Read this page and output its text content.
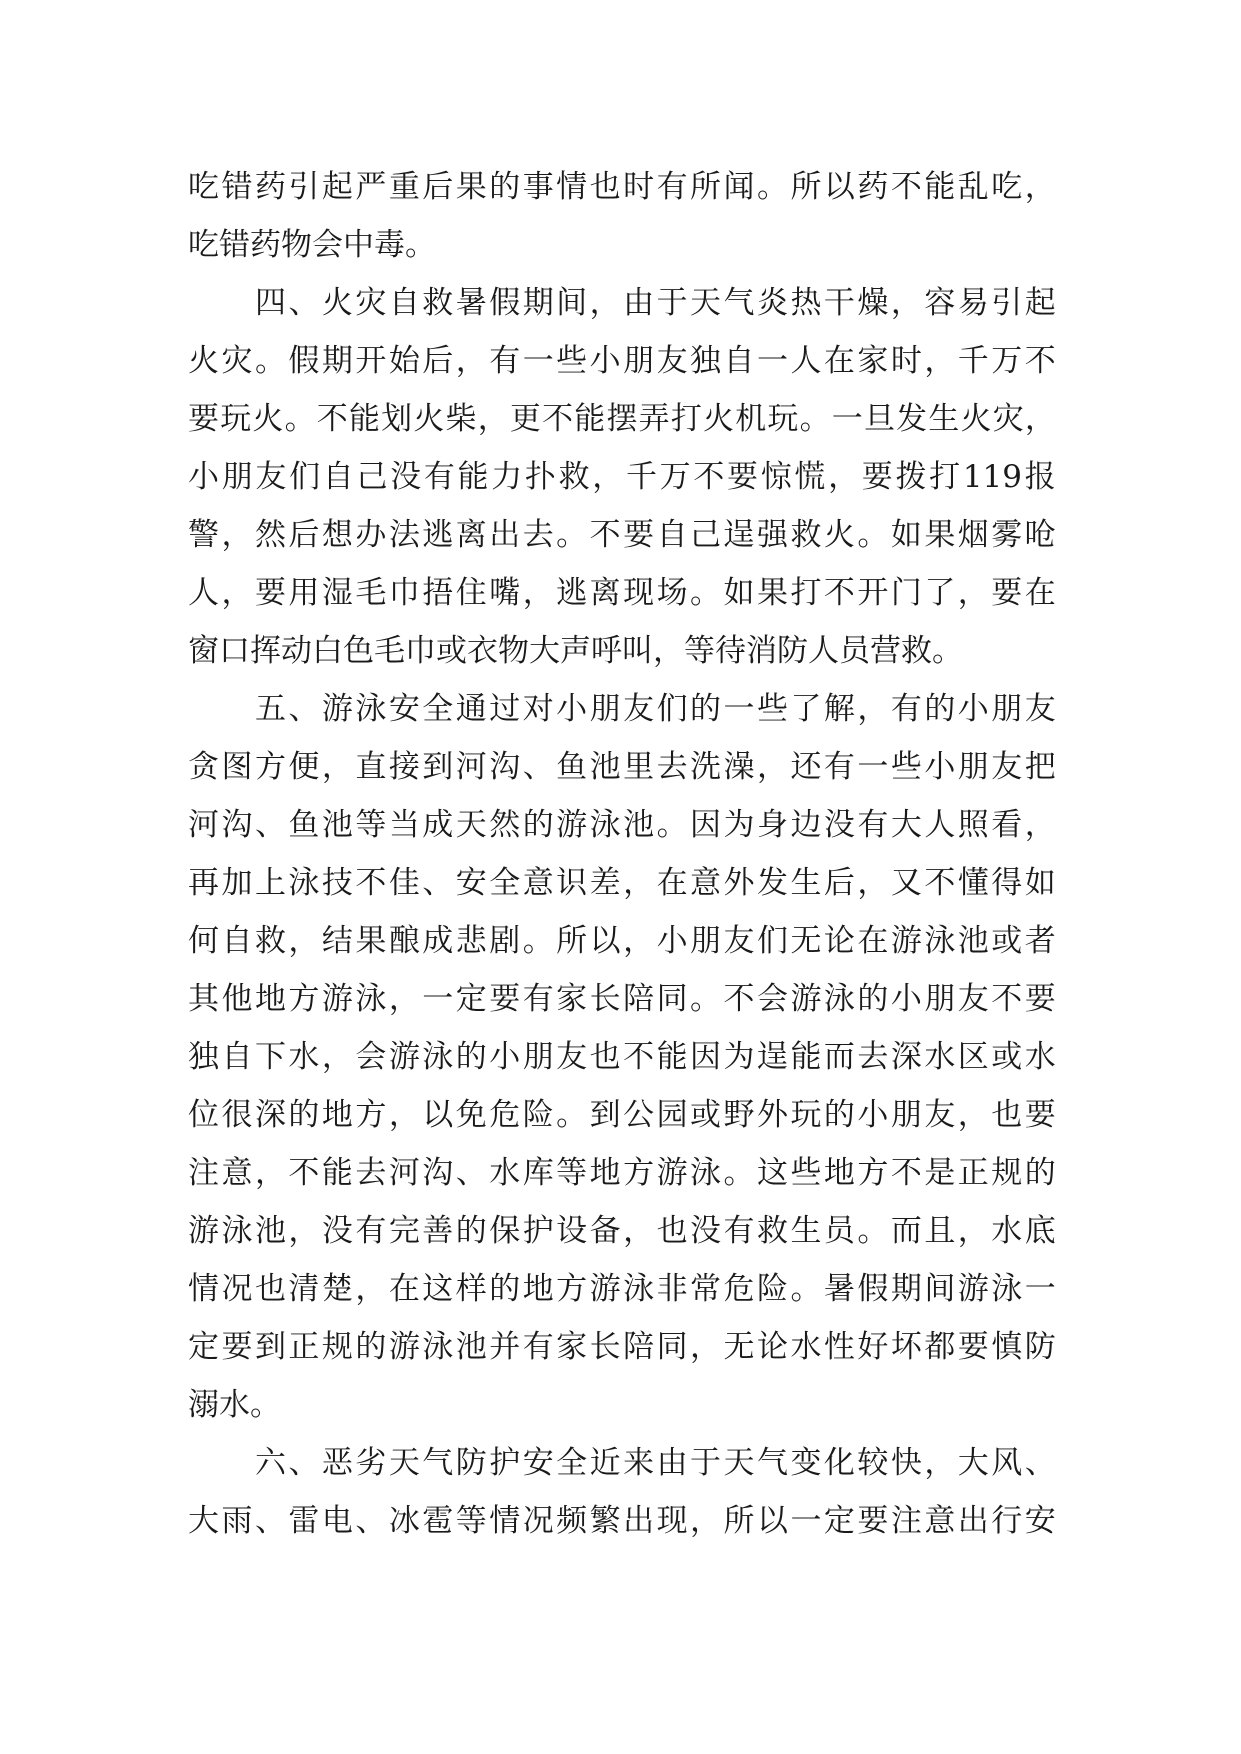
吃 错 药 引 起 严 重 后 果 的 事 情 也 时 有 所 闻 。 所 以 药 不 能 乱 吃 ，
吃错药物会中毒。

四 、 火 灾 自 救 暑 假 期 间 ， 由 于 天 气 炎 热 干 燥 ， 容 易 引 起
火 灾 。 假 期 开 始 后 ， 有 一 些 小 朋 友 独 自 一 人 在 家 时 ， 千 万 不
要 玩 火 。 不 能 划 火 柴 ， 更 不 能 摆 弄 打 火 机 玩 。 一 旦 发 生 火 灾 ，
小 朋 友 们 自 己 没 有 能 力 扑 救 ， 千 万 不 要 惊 慌 ， 要 拨 打 119 报
警 ， 然 后 想 办 法 逃 离 出 去 。 不 要 自 己 逞 强 救 火 。 如 果 烟 雾 呛
人 ， 要 用 湿 毛 巾 捂 住 嘴 ， 逃 离 现 场 。 如 果 打 不 开 门 了 ， 要 在
窗口挥动白色毛巾或衣物大声呼叫，等待消防人员营救。

五 、 游 泳 安 全 通 过 对 小 朋 友 们 的 一 些 了 解 ， 有 的 小 朋 友
贪 图 方 便 ， 直 接 到 河 沟 、 鱼 池 里 去 洗 澡 ， 还 有 一 些 小 朋 友 把
河 沟 、 鱼 池 等 当 成 天 然 的 游 泳 池 。 因 为 身 边 没 有 大 人 照 看 ，
再 加 上 泳 技 不 佳 、 安 全 意 识 差 ， 在 意 外 发 生 后 ， 又 不 懂 得 如
何 自 救 ， 结 果 酿 成 悲 剧 。 所 以 ， 小 朋 友 们 无 论 在 游 泳 池 或 者
其 他 地 方 游 泳 ， 一 定 要 有 家 长 陪 同 。 不 会 游 泳 的 小 朋 友 不 要
独 自 下 水 ， 会 游 泳 的 小 朋 友 也 不 能 因 为 逞 能 而 去 深 水 区 或 水
位 很 深 的 地 方 ， 以 免 危 险 。 到 公 园 或 野 外 玩 的 小 朋 友 ， 也 要
注 意 ， 不 能 去 河 沟 、 水 库 等 地 方 游 泳 。 这 些 地 方 不 是 正 规 的
游 泳 池 ， 没 有 完 善 的 保 护 设 备 ， 也 没 有 救 生 员 。 而 且 ， 水 底
情 况 也 清 楚 ， 在 这 样 的 地 方 游 泳 非 常 危 险 。 暑 假 期 间 游 泳 一
定 要 到 正 规 的 游 泳 池 并 有 家 长 陪 同 ， 无 论 水 性 好 坏 都 要 慎 防
溺水。

六 、 恶 劣 天 气 防 护 安 全 近 来 由 于 天 气 变 化 较 快 ， 大 风 、
大 雨 、 雷 电 、 冰 雹 等 情 况 频 繁 出 现 ， 所 以 一 定 要 注 意 出 行 安
